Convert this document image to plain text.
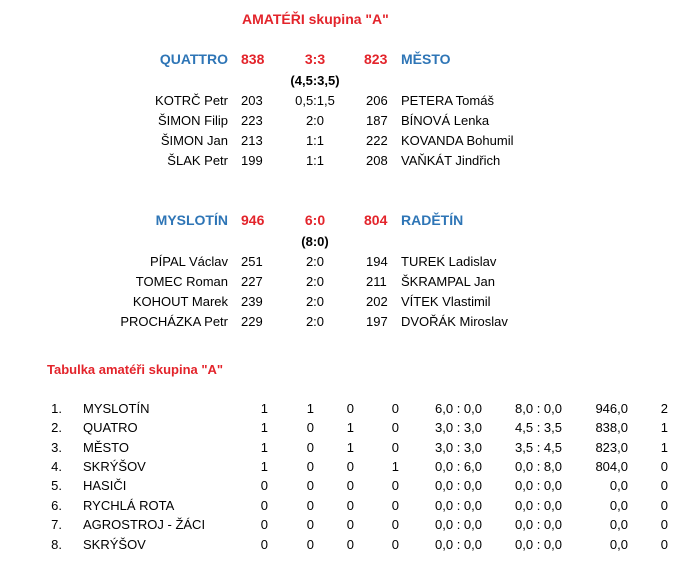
AMATÉŘI skupina "A"
QUATTRO 838	3:3	823 MĚSTO
(4,5:3,5)
KOTRČ Petr 203	0,5:1,5	206 PETERA Tomáš
ŠIMON Filip 223	2:0	187 BÍNOVÁ Lenka
ŠIMON Jan 213	1:1	222 KOVANDA Bohumil
ŠLAK Petr 199	1:1	208 VAŇKÁT Jindřich
MYSLOTÍN 946	6:0	804 RADĚTÍN
(8:0)
PÍPAL Václav 251	2:0	194 TUREK Ladislav
TOMEC Roman 227	2:0	211 ŠKRAMPAL Jan
KOHOUT Marek 239	2:0	202 VÍTEK Vlastimil
PROCHÁZKA Petr 229	2:0	197 DVOŘÁK Miroslav
Tabulka amatéři skupina "A"
1. MYSLOTÍN	1	1	0	0	6,0 : 0,0	8,0 : 0,0	946,0	2
2. QUATRO	1	0	1	0	3,0 : 3,0	4,5 : 3,5	838,0	1
3. MĚSTO	1	0	1	0	3,0 : 3,0	3,5 : 4,5	823,0	1
4. SKRÝŠOV	1	0	0	1	0,0 : 6,0	0,0 : 8,0	804,0	0
5. HASIČI	0	0	0	0	0,0 : 0,0	0,0 : 0,0	0,0	0
6. RYCHLÁ ROTA	0	0	0	0	0,0 : 0,0	0,0 : 0,0	0,0	0
7. AGROSTROJ - ŽÁCI	0	0	0	0	0,0 : 0,0	0,0 : 0,0	0,0	0
8. SKRÝŠOV	0	0	0	0	0,0 : 0,0	0,0 : 0,0	0,0	0
